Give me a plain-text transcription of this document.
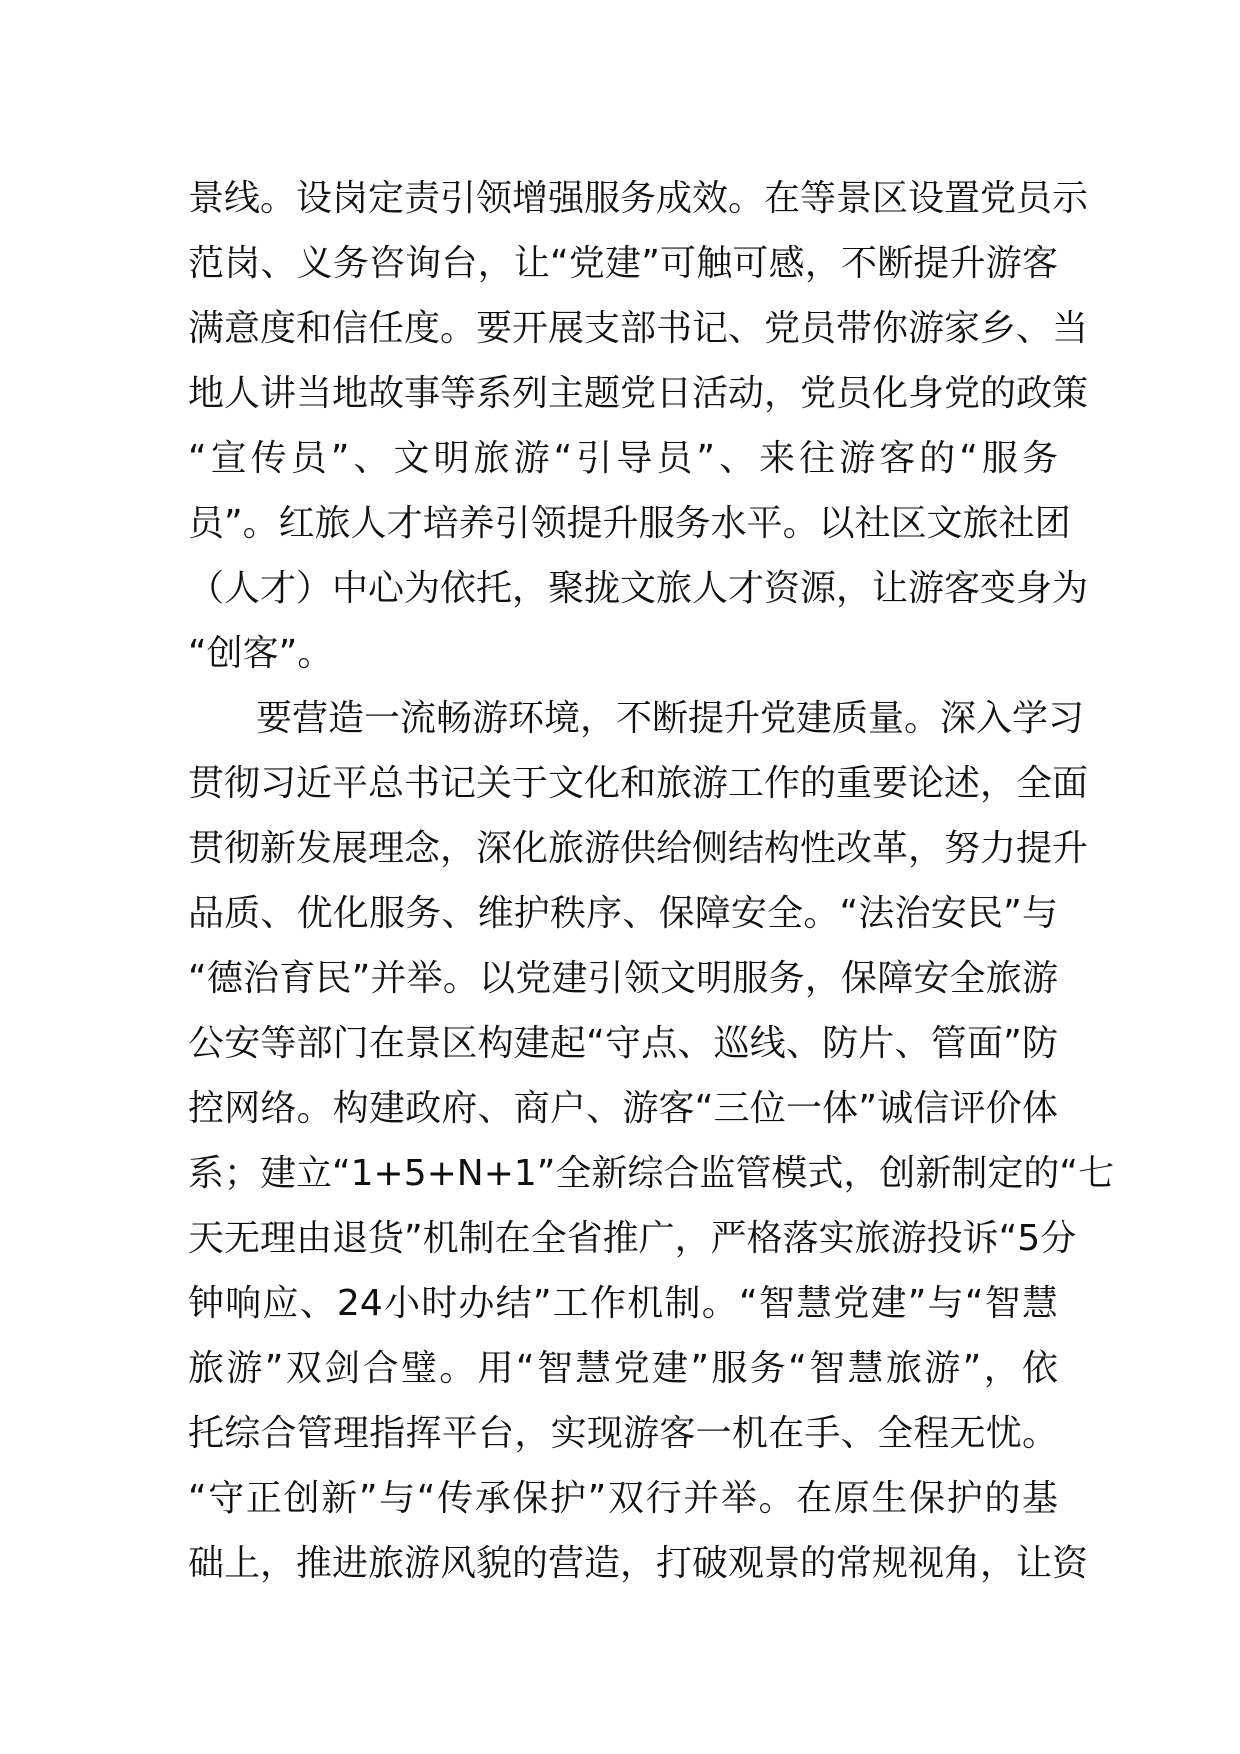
景线。设岗定责引领增强服务成效。在等景区设置党员示
范岗、义务咨询台，让“党建”可触可感，不断提升游客
满意度和信任度。要开展支部书记、党员带你游家乡、当
地人讲当地故事等系列主题党日活动，党员化身党的政策
“宣传员”、文明旅游“引导员”、来往游客的“服务
员”。红旅人才培养引领提升服务水平。以社区文旅社团
（人才）中心为依托，聚拢文旅人才资源，让游客变身为
“创客”。
要营造一流畅游环境，不断提升党建质量。深入学习
贯彻习近平总书记关于文化和旅游工作的重要论述，全面
贯彻新发展理念，深化旅游供给侧结构性改革，努力提升
品质、优化服务、维护秩序、保障安全。“法治安民”与
“德治育民”并举。以党建引领文明服务，保障安全旅游
公安等部门在景区构建起“守点、巡线、防片、管面”防
控网络。构建政府、商户、游客“三位一体”诚信评价体
系；建立“1+5+N+1”全新综合监管模式，创新制定的“七
天无理由退货”机制在全省推广，严格落实旅游投诉“5分
钟响应、24小时办结”工作机制。“智慧党建”与“智慧
旅游”双剑合璧。用“智慧党建”服务“智慧旅游”，依
托综合管理指挥平台，实现游客一机在手、全程无忧。
“守正创新”与“传承保护”双行并举。在原生保护的基
础上，推进旅游风貌的营造，打破观景的常规视角，让资
